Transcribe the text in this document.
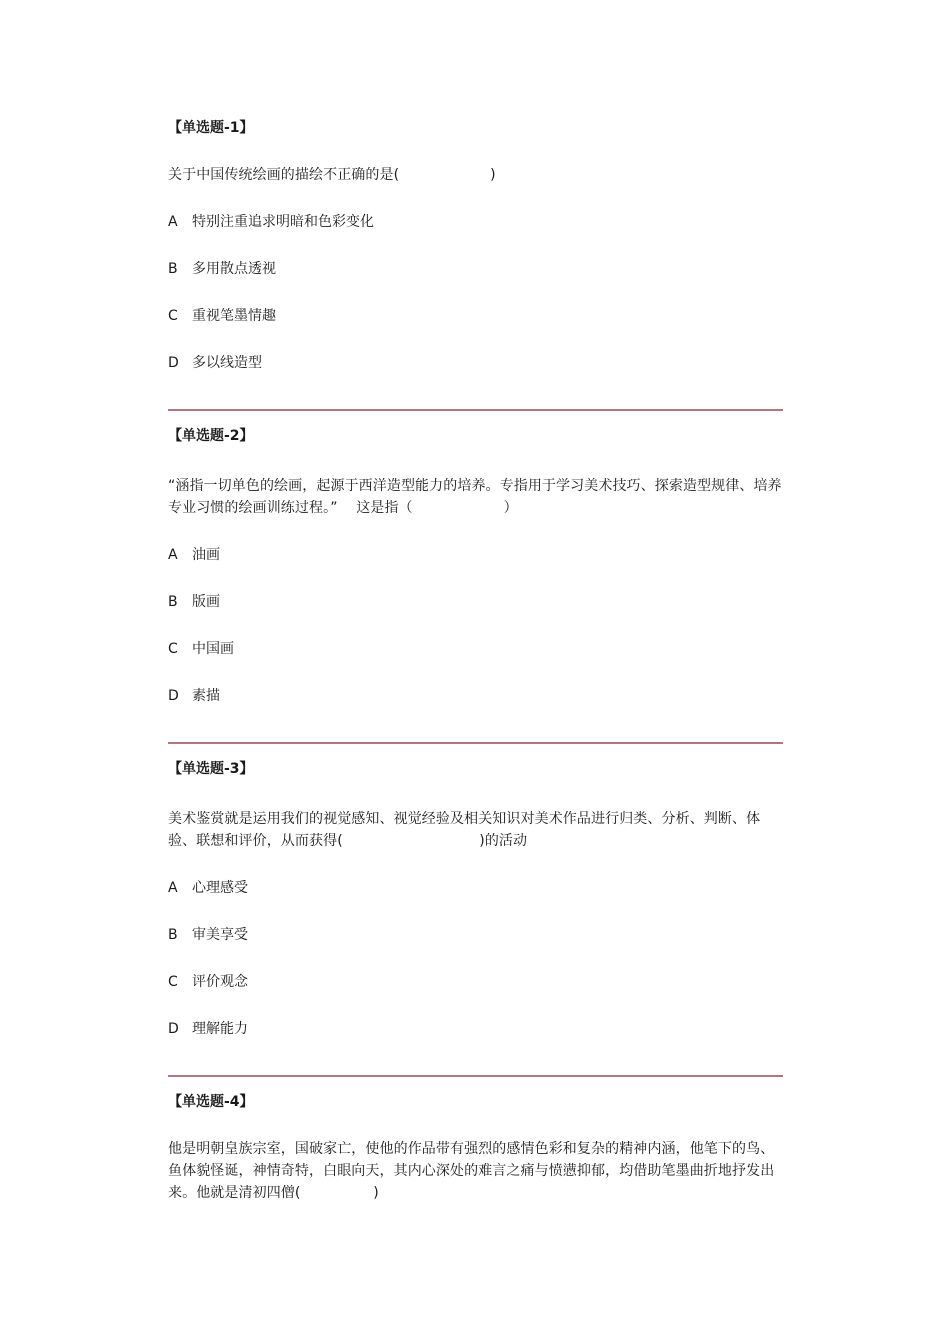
【单选题-1】
关于中国传统绘画的描绘不正确的是(                    )
A 特别注重追求明暗和色彩变化
B 多用散点透视
C 重视笔墨情趣
D 多以线造型
【单选题-2】
“涵指一切单色的绘画，起源于西洋造型能力的培养。专指用于学习美术技巧、探索造型规律、培养专业习惯的绘画训练过程。”　 这是指（                    ）
A 油画
B 版画
C 中国画
D 素描
【单选题-3】
美术鉴赏就是运用我们的视觉感知、视觉经验及相关知识对美术作品进行归类、分析、判断、体验、联想和评价，从而获得(                              )的活动
A 心理感受
B 审美享受
C 评价观念
D 理解能力
【单选题-4】
他是明朝皇族宗室，国破家亡，使他的作品带有强烈的感情色彩和复杂的精神内涵，他笔下的鸟、鱼体貌怪诞，神情奇特，白眼向天，其内心深处的难言之痛与愤懑抑郁，均借助笔墨曲折地抒发出来。他就是清初四僧(                )
